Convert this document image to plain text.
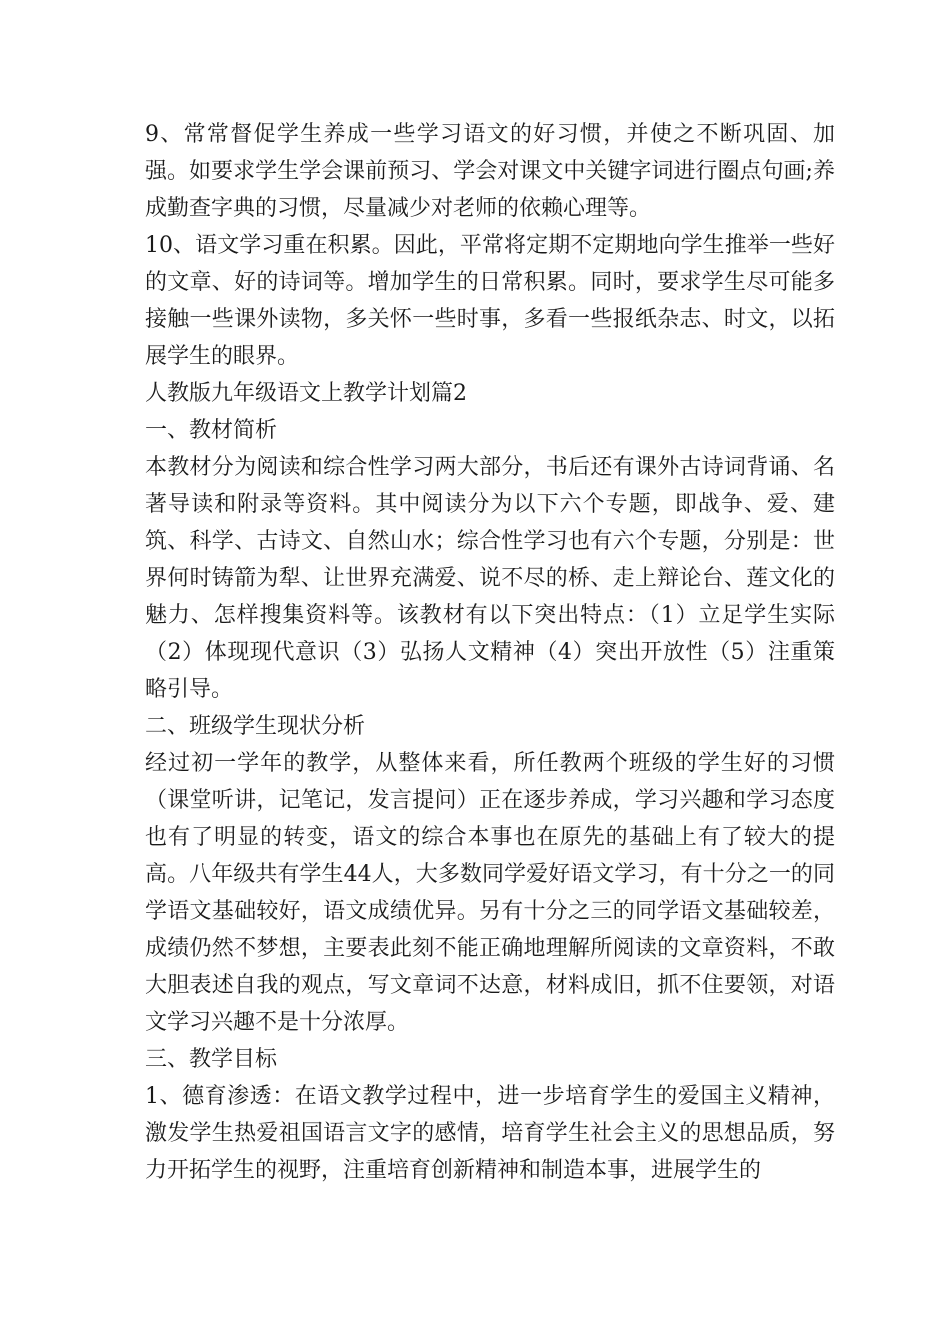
9、常常督促学生养成一些学习语文的好习惯，并使之不断巩固、加强。如要求学生学会课前预习、学会对课文中关键字词进行圈点句画;养成勤查字典的习惯，尽量减少对老师的依赖心理等。

10、语文学习重在积累。因此，平常将定期不定期地向学生推举一些好的文章、好的诗词等。增加学生的日常积累。同时，要求学生尽可能多接触一些课外读物，多关怀一些时事，多看一些报纸杂志、时文，以拓展学生的眼界。

人教版九年级语文上教学计划篇2

一、教材简析

本教材分为阅读和综合性学习两大部分，书后还有课外古诗词背诵、名著导读和附录等资料。其中阅读分为以下六个专题，即战争、爱、建筑、科学、古诗文、自然山水；综合性学习也有六个专题，分别是：世界何时铸箭为犁、让世界充满爱、说不尽的桥、走上辩论台、莲文化的魅力、怎样搜集资料等。该教材有以下突出特点：（1）立足学生实际（2）体现现代意识（3）弘扬人文精神（4）突出开放性（5）注重策略引导。

二、班级学生现状分析

经过初一学年的教学，从整体来看，所任教两个班级的学生好的习惯（课堂听讲，记笔记，发言提问）正在逐步养成，学习兴趣和学习态度也有了明显的转变，语文的综合本事也在原先的基础上有了较大的提高。八年级共有学生44人，大多数同学爱好语文学习，有十分之一的同学语文基础较好，语文成绩优异。另有十分之三的同学语文基础较差，成绩仍然不梦想，主要表此刻不能正确地理解所阅读的文章资料，不敢大胆表述自我的观点，写文章词不达意，材料成旧，抓不住要领，对语文学习兴趣不是十分浓厚。

三、教学目标

1、德育渗透：在语文教学过程中，进一步培育学生的爱国主义精神，激发学生热爱祖国语言文字的感情，培育学生社会主义的思想品质，努力开拓学生的视野，注重培育创新精神和制造本事，进展学生的
